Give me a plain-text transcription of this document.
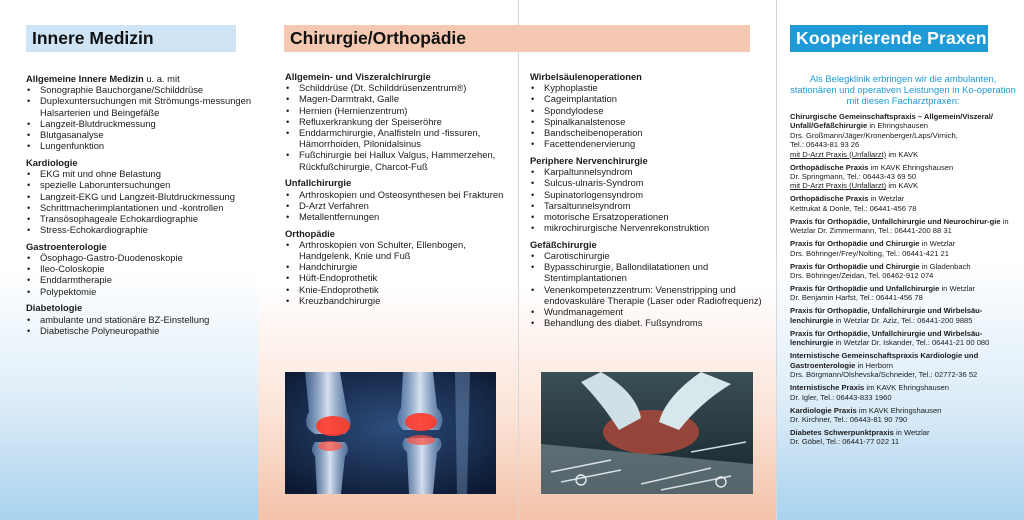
Innere Medizin
Allgemeine Innere Medizin u. a. mit
• Sonographie Bauchorgane/Schilddrüse
• Duplexuntersuchungen mit Strömungs-messungen Halsarterien und Beingefäße
• Langzeit-Blutdruckmessung
• Blutgasanalyse
• Lungenfunktion
Kardiologie
• EKG mit und ohne Belastung
• spezielle Laboruntersuchungen
• Langzeit-EKG und Langzeit-Blutdruckmessung
• Schrittmacherimplantationen und -kontrollen
• Transösophageale Echokardiographie
• Stress-Echokardiographie
Gastroenterologie
• Ösophago-Gastro-Duodenoskopie
• Ileo-Coloskopie
• Enddarmtherapie
• Polypektomie
Diabetologie
• ambulante und stationäre BZ-Einstellung
• Diabetische Polyneuropathie
Allgemein- und Viszeralchirurgie
• Schilddrüse (Dt. Schilddrüsenzentrum®)
• Magen-Darmtrakt, Galle
• Hernien (Hernienzentrum)
• Refluxerkrankung der Speiseröhre
• Enddarmchirurgie, Analfisteln und -fissuren, Hämorrhoiden, Pilonidalsinus
• Fußchirurgie bei Hallux Valgus, Hammerzehen, Rückfußchirurgie, Charcot-Fuß
Unfallchirurgie
• Arthroskopien und Osteosynthesen bei Frakturen
• D-Arzt Verfahren
• Metallentfernungen
Orthopädie
• Arthroskopien von Schulter, Ellenbogen, Handgelenk, Knie und Fuß
• Handchirurgie
• Hüft-Endoprothetik
• Knie-Endoprothetik
• Kreuzbandchirurgie
Wirbelsäulenoperationen
• Kyphoplastie
• Cageimplantation
• Spondylodese
• Spinalkanalstenose
• Bandscheibenoperation
• Facettendenervierung
Periphere Nervenchirurgie
• Karpaltunnelsyndrom
• Sulcus-ulnaris-Syndrom
• Supinatorlogensyndrom
• Tarsaltunnelsyndrom
• motorische Ersatzoperationen
• mikrochirurgische Nervenrekonstruktion
Gefäßchirurgie
• Carotischirurgie
• Bypasschirurgie, Ballondilatationen und Stentimplantationen
• Venenkompetenzzentrum: Venenstripping und endovaskuläre Therapie (Laser oder Radiofrequenz)
• Wundmanagement
• Behandlung des diabet. Fußsyndroms
Chirurgie/Orthopädie	Kooperierende Praxen
Als Belegklinik erbringen wir die ambulanten, stationären und operativen Leistungen in Ko-operation mit diesen Facharztpraxen:
Chirurgische Gemeinschaftspraxis – Allgemein/Viszeral/ Unfall/Gefäßchirurgie in Ehringshausen
Drs. Großmann/Jäger/Kronenberger/Laps/Virnich,
Tel.: 06443-81 93 26
mit D-Arzt Praxis (Unfallarzt) im KAVK
Orthopädische Praxis im KAVK Ehringshausen
Dr. Springmann, Tel.: 06443-43 69 50
mit D-Arzt Praxis (Unfallarzt) im KAVK
Orthopädische Praxis in Wetzlar
Kettrukat & Donle, Tel.: 06441-456 78
Praxis für Orthopädie, Unfallchirurgie und Neurochirur-gie in Wetzlar Dr. Zimmermann, Tel.: 06441-200 88 31
Praxis für Orthopädie und Chirurgie in Wetzlar
Drs. Böhringer/Frey/Nolting, Tel.: 06441-421 21
Praxis für Orthopädie und Chirurgie in Gladenbach
Drs. Böhringer/Zeidan, Tel. 06462-912 074
Praxis für Orthopädie und Unfallchirurgie in Wetzlar
Dr. Benjamin Harfst, Tel.: 06441-456 78
Praxis für Orthopädie, Unfallchirurgie und Wirbelsäu-lenchirurgie in Wetzlar Dr. Aziz, Tel.: 06441-200 9885
Praxis für Orthopädie, Unfallchirurgie und Wirbelsäu-lenchirurgie in Wetzlar Dr. Iskander, Tel.: 06441-21 00 080
Internistische Gemeinschaftspraxis Kardiologie und Gastroenterologie in Herborn
Drs. Börgmann/Olshevska/Schneider, Tel.: 02772-36 52
Internistische Praxis im KAVK Ehringshausen
Dr. Igler, Tel.: 06443-833 1960
Kardiologie Praxis im KAVK Ehringshausen
Dr. Kirchner, Tel.: 06443-81 90 790
Diabetes Schwerpunktpraxis in Wetzlar
Dr. Göbel, Tel.: 06441-77 022 11
